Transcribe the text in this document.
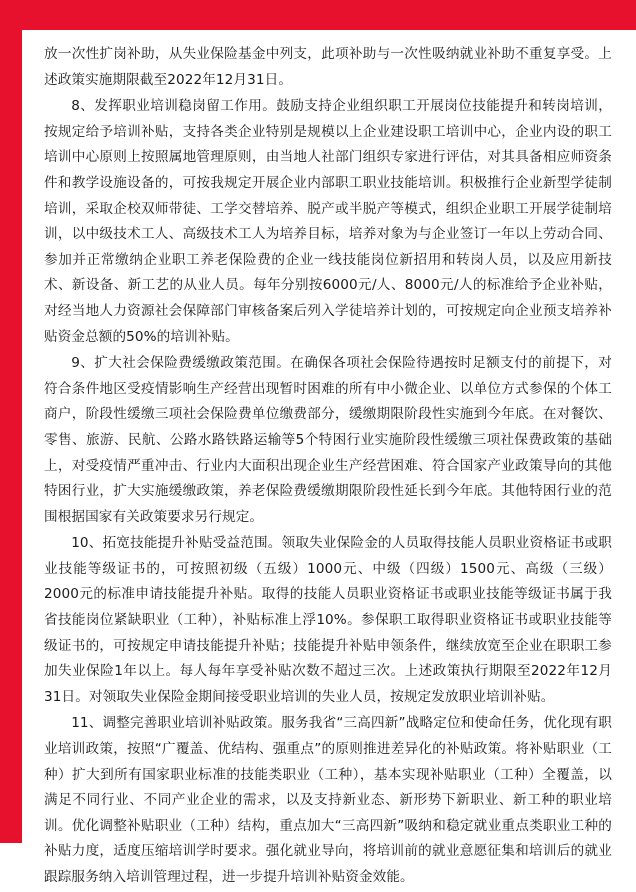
放一次性扩岗补助，从失业保险基金中列支，此项补助与一次性吸纳就业补助不重复享受。上述政策实施期限截至2022年12月31日。

8、发挥职业培训稳岗留工作用。鼓励支持企业组织职工开展岗位技能提升和转岗培训，按规定给予培训补贴，支持各类企业特别是规模以上企业建设职工培训中心，企业内设的职工培训中心原则上按照属地管理原则，由当地人社部门组织专家进行评估，对其具备相应师资条件和教学设施设备的，可按我规定开展企业内部职工职业技能培训。积极推行企业新型学徒制培训，采取企校双师带徒、工学交替培养、脱产或半脱产等模式，组织企业职工开展学徒制培训，以中级技术工人、高级技术工人为培养目标，培养对象为与企业签订一年以上劳动合同、参加并正常缴纳企业职工养老保险费的企业一线技能岗位新招用和转岗人员，以及应用新技术、新设备、新工艺的从业人员。每年分别按6000元/人、8000元/人的标准给予企业补贴，对经当地人力资源社会保障部门审核备案后列入学徒培养计划的，可按规定向企业预支培养补贴资金总额的50%的培训补贴。

9、扩大社会保险费缓缴政策范围。在确保各项社会保险待遇按时足额支付的前提下，对符合条件地区受疫情影响生产经营出现暂时困难的所有中小微企业、以单位方式参保的个体工商户，阶段性缓缴三项社会保险费单位缴费部分，缓缴期限阶段性实施到今年底。在对餐饮、零售、旅游、民航、公路水路铁路运输等5个特困行业实施阶段性缓缴三项社保费政策的基础上，对受疫情严重冲击、行业内大面积出现企业生产经营困难、符合国家产业政策导向的其他特困行业，扩大实施缓缴政策，养老保险费缓缴期限阶段性延长到今年底。其他特困行业的范围根据国家有关政策要求另行规定。

10、拓宽技能提升补贴受益范围。领取失业保险金的人员取得技能人员职业资格证书或职业技能等级证书的，可按照初级（五级）1000元、中级（四级）1500元、高级（三级）2000元的标准申请技能提升补贴。取得的技能人员职业资格证书或职业技能等级证书属于我省技能岗位紧缺职业（工种），补贴标准上浮10%。参保职工取得职业资格证书或职业技能等级证书的，可按规定申请技能提升补贴；技能提升补贴申领条件，继续放宽至企业在职职工参加失业保险1年以上。每人每年享受补贴次数不超过三次。上述政策执行期限至2022年12月31日。对领取失业保险金期间接受职业培训的失业人员，按规定发放职业培训补贴。

11、调整完善职业培训补贴政策。服务我省“三高四新”战略定位和使命任务，优化现有职业培训政策，按照“广覆盖、优结构、强重点”的原则推进差异化的补贴政策。将补贴职业（工种）扩大到所有国家职业标准的技能类职业（工种），基本实现补贴职业（工种）全覆盖，以满足不同行业、不同产业企业的需求，以及支持新业态、新形势下新职业、新工种的职业培训。优化调整补贴职业（工种）结构，重点加大“三高四新”吸纳和稳定就业重点类职业工种的补贴力度，适度压缩培训学时要求。强化就业导向，将培训前的就业意愿征集和培训后的就业跟踪服务纳入培训管理过程，进一步提升培训补贴资金效能。
